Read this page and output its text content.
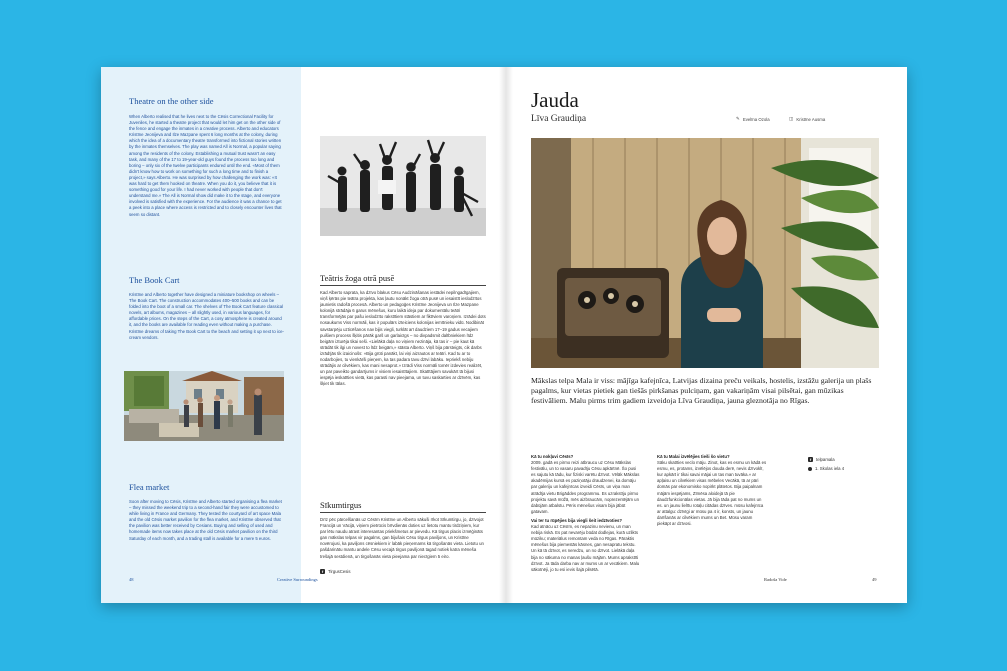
Theatre on the other side
When Alberto realised that he lives next to the Cēsis Correctional Facility for Juveniles, he started a theatre project that would let him get on the other side of the fence and engage the inmates in a creative process. Alberto and educators Kristīne Jeonijeva and Ilze Mazpane spent 6 long months at the colony, during which the idea of a documentary theatre transformed into fictional stories written by the inmates themselves. The play was named All is Normal, a popular saying among the residents of the colony. Establishing a mutual trust wasn't an easy task, and many of the 17 to 19-year-old guys found the process too long and boring – only six of the twelve participants endured until the end. «Most of them didn't know how to work on something for such a long time and to finish a project,» says Alberto. He was surprised by how challenging the work was: «It was hard to get them hooked on theatre. When you do it, you believe that it is something good for your life. I had never worked with people that don't understand me.» The All is Normal show did make it to the stage, and everyone involved is satisfied with the experience. For the audience it was a chance to get a peek into a place where access is restricted and to closely encounter lives that seem so distant.
The Book Cart
Kristīne and Alberto together have designed a miniature bookshop on wheels – The Book Cart. The construction accommodates 400–500 books and can be folded into the boot of a small car. The shelves of The Book Cart feature classical novels, art albums, magazines – all slightly used, in various languages, for affordable prices. On the steps of the Cart, a cosy atmosphere is created around it, and the books are available for reading even without making a purchase. Kristīne dreams of taking The Book Cart to the beach and setting it up next to ice-cream vendors.
Flea market
Soon after moving to Cēsis, Kristīne and Alberto started organising a flea market – they missed the weekend trip to a second-hand fair they were accustomed to while living in France and Germany. They tested the courtyard of art space Mala and the old Cēsis market pavilion for the flea market, and Kristīne observed that the pavilion was better received by Cesians. Buying and selling of used and homemade items now takes place at the old Cēsis market pavilion on the third Saturday of each month, and a trading stall is available for a mere 5 euros.
48	Creative Surroundings
Teātris žoga otrā pusē
Kad Alberto saprata, ka dzīvo blakus Cēsu Audzināšanas iestādei nepilngadīgajiem, viņš ķērās pie teātra projekta, kas ļautu nonākt žoga otrā pusē un iesaistīt ieslodzītos jaunietis radošā procesā. Alberto un pedagoģes Kristīne Jeonijeva un Ilze Mazpane kolonijā strādāja 6 garus mēnešus, kuru laikā ideja par dokumentālu teātri transformējās par pašu ieslodzīto rakstītiem stāstiem ar fiktīviem varoņiem. Izrādei dots nosaukums Viss normāli, kas ir populārs izteiciens kolonijas iemītnieku vidū. Nodibināt savstarpēju uzticēšanos nav bijis viegli, turklāt arī daudziem 17–19 gadus vecajiem puišiem process šķitis pārāk garš un garlaicīgs – no divpadsmit dalībniekiem līdz beigām izturēja tikai seši. «Lielākā daļa no viņiem nezināja, kā tas ir – pie kaut kā strādāt tik ilgi un novest to līdz beigām,» stāsta Alberto. Viņš bija pārsteigts, cik darbs izrādījās tik izaicinošs: «Bija grūti panākt, lai viņi aizrautos ar teātri. Kad tu ar to nodarbojies, tu vienkārši pieņem, ka tas padara tavu dzīvi labāku. Iepriekš nebiju strādājis ar cilvēkiem, kas mani nesaprot.» Izrādi Viss normāli tomēr izdevies realizēt, un par paveikto gandarījums ir visiem iesaistītajiem. Skatītājiem savukārt tā bijusi iespēja ieskatīties vietā, kas parasti nav pieejama, un tuvu saskarties ar dzīvēm, kas šķiet tik tālas.
Sīkumtirgus
Drīz pēc pārcelšanās uz Cēsīm Kristīne un Alberto sākuši rīkot Sīkumtirgu, jo, dzīvojot Francijā un Vācijā, viņiem pietrūcis brīvdienās doties uz lietotu mantu tirdziņiem, kur par lētu naudu atrast interesantas priekšmetus ar pievedu. Kā tirgus placis izmēģināts gan mākslas telpas vir pagalms, gan bijušais Cēsu tirgus paviljons, un Kristīne novērojusi, ka paviljons cēsniekiem ir labāk pieņemams kā tirgošanās vieta. Lietotu un pašdarinātu mantu andele Cēsu vecajā tirgus paviljonā tagad notiek katra mēneša trešajā sestdienā, un tirgošanās vieta pieejama par niecīgiem 5 eiro.
f	TirgusCesis
Jauda
Līva Graudiņa	✎ Evelīna Ozola	◫ Kristīne Ausma
Mākslas telpa Mala ir viss: mājīga kafejnīca, Latvijas dizaina preču veikals, hostelis, izstāžu galerija un plašs pagalms, kur vietas pietiek gan tiešās pirkšanas pulciņam, gan vakariņām visai pilsētai, gan mūzikas festivāliem. Malu pirms trim gadiem izveidoja Līva Graudiņa, jauna gleznotāja no Rīgas.
Kā tu nokļuvi Cēsīs?
2009. gadā es pirmo reizi atbraucu uz Cēsu Mākslas festivālu, un to vasaru pavadīju Cēsu apkārtnē. Šo pusi es sajutu kā tādu, kur fiziski varētu dzīvot. Vēlāk Mākslas akadēmijas kursā es paziņotāju draudzenei, ka domāju par galeriju un kafejnīcas izveidi Cēsīs, un viņa man atrādīja vietu Brigāddes programmu. Es uzrakstīju pirmo projektu savā mūžā, mēs aizbraucām, noprezentējām un dabūjām atbalstu. Pēris mēnešus visam bija jābūt gatavam.
Vai ter tu rūpējies bija viegli šeit iedzīvoties?
Kad atnācu uz Cēsīm, es nepazinu nevienu, un man nebija riskā. Es pat nevarēju būdat dodlejas, kurā uzlikts mūziku; materiālus remontam veda no Rīgas. Pāraktis mēnešus bija piemestās kāsnes, gan nesapratu tekstu. Un kā tā dzīvot, es neredzu, un no dzīvot. Lielākā daļa bija no sākuma no manas ļaušu mājām. Mums aprakstīti dzīvot. Ja tāda darba nav ar mums un ar vecākiem. Malu sākotnēji, jo tu esi ievis šajā pilsētā.
Kā tu Malai izvēlējies tieši šo vietu?
Sāku skatīties veclo māju. Zinot, kas es esmu un kādā es esmu, es, protams, izvēlējos douda derē, nevis dzīvoklī, kur apkārt ir tikai savai mājai un tas man tuvāka.« ar apļaisu un cilvēkiem visas mēbeles Vecākā, tā ar pāri domās par ekonomisko nopirkt plātetos. Bija paipalnam mājām iespējams, Zīmēsa aloidejā tā pie daudzfunkcionālas vietas. Jā bija tāda pat no mums un es. un jaunu lielītu rotaļu citādas dzīves. mūsu kafejnīca ar attalgu: dzīvīgi ar mūsu pa 4 ir, konsts, un jaunu darīšanās ar cilvēkiem mums un Bet. Mūsu varam piekāpt ar dzīvosi.
f	telpamala
1. Skolas iela 4
Radoša Vide	49
